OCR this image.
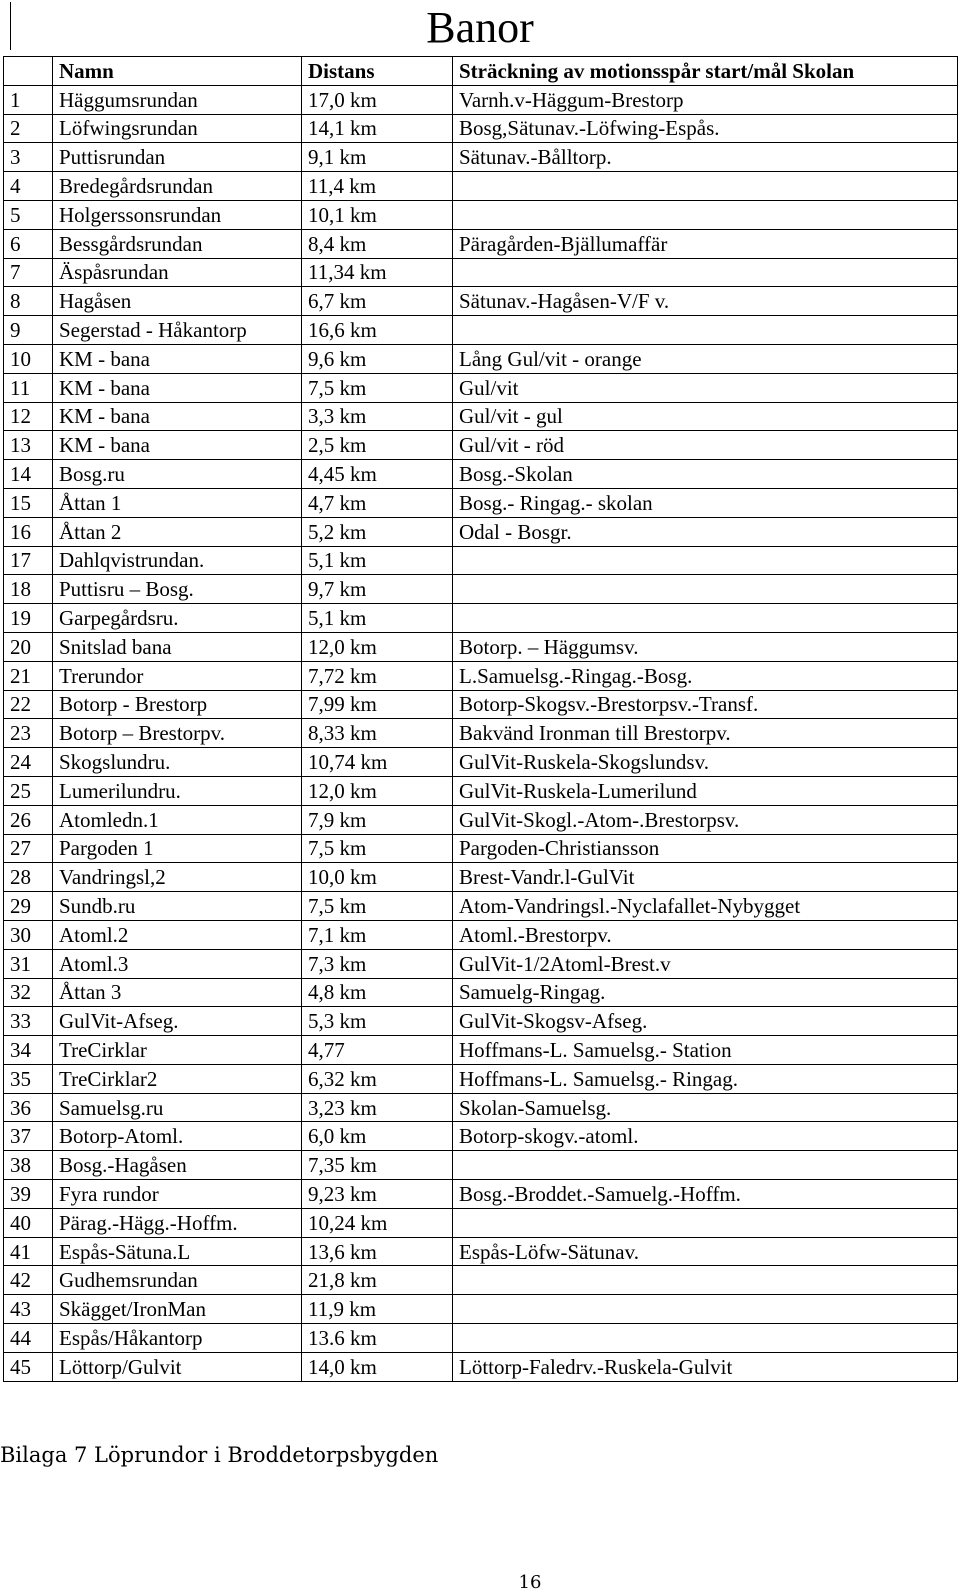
Banor
	Namn	Distans	Sträckning av motionsspår start/mål Skolan
1	Häggumsrundan	17,0 km	Varnh.v-Häggum-Brestorp
2	Löfwingsrundan	14,1 km	Bosg,Sätunav.-Löfwing-Espås.
3	Puttisrundan	9,1 km	Sätunav.-Bålltorp.
4	Bredegårdsrundan	11,4 km	
5	Holgerssonsrundan	10,1 km	
6	Bessgårdsrundan	8,4 km	Päragården-Bjällumaffär
7	Äspåsrundan	11,34 km	
8	Hagåsen	6,7 km	Sätunav.-Hagåsen-V/F v.
9	Segerstad - Håkantorp	16,6 km	
10	KM - bana	9,6 km	Lång Gul/vit - orange
11	KM - bana	7,5 km	Gul/vit
12	KM - bana	3,3 km	Gul/vit - gul
13	KM - bana	2,5 km	Gul/vit - röd
14	Bosg.ru	4,45 km	Bosg.-Skolan
15	Åttan 1	4,7 km	Bosg.- Ringag.- skolan
16	Åttan 2	5,2 km	Odal - Bosgr.
17	Dahlqvistrundan.	5,1 km	
18	Puttisru – Bosg.	9,7 km	
19	Garpegårdsru.	5,1 km	
20	Snitslad bana	12,0 km	Botorp. – Häggumsv.
21	Trerundor	7,72 km	L.Samuelsg.-Ringag.-Bosg.
22	Botorp - Brestorp	7,99 km	Botorp-Skogsv.-Brestorpsv.-Transf.
23	Botorp – Brestorpv.	8,33 km	Bakvänd Ironman till Brestorpv.
24	Skogslundru.	10,74 km	GulVit-Ruskela-Skogslundsv.
25	Lumerilundru.	12,0 km	GulVit-Ruskela-Lumerilund
26	Atomledn.1	7,9 km	GulVit-Skogl.-Atom-.Brestorpsv.
27	Pargoden 1	7,5 km	Pargoden-Christiansson
28	Vandringsl,2	10,0 km	Brest-Vandr.l-GulVit
29	Sundb.ru	7,5 km	Atom-Vandringsl.-Nyclafallet-Nybygget
30	Atoml.2	7,1 km	Atoml.-Brestorpv.
31	Atoml.3	7,3 km	GulVit-1/2Atoml-Brest.v
32	Åttan 3	4,8 km	Samuelg-Ringag.
33	GulVit-Afseg.	5,3 km	GulVit-Skogsv-Afseg.
34	TreCirklar	4,77	Hoffmans-L. Samuelsg.- Station
35	TreCirklar2	6,32 km	Hoffmans-L. Samuelsg.- Ringag.
36	Samuelsg.ru	3,23 km	Skolan-Samuelsg.
37	Botorp-Atoml.	6,0 km	Botorp-skogv.-atoml.
38	Bosg.-Hagåsen	7,35 km	
39	Fyra rundor	9,23 km	Bosg.-Broddet.-Samuelg.-Hoffm.
40	Pärag.-Hägg.-Hoffm.	10,24 km	
41	Espås-Sätuna.L	13,6 km	Espås-Löfw-Sätunav.
42	Gudhemsrundan	21,8 km	
43	Skägget/IronMan	11,9 km	
44	Espås/Håkantorp	13.6 km	
45	Löttorp/Gulvit	14,0 km	Löttorp-Faledrv.-Ruskela-Gulvit
Bilaga 7 Löprundor i Broddetorpsbygden
16
